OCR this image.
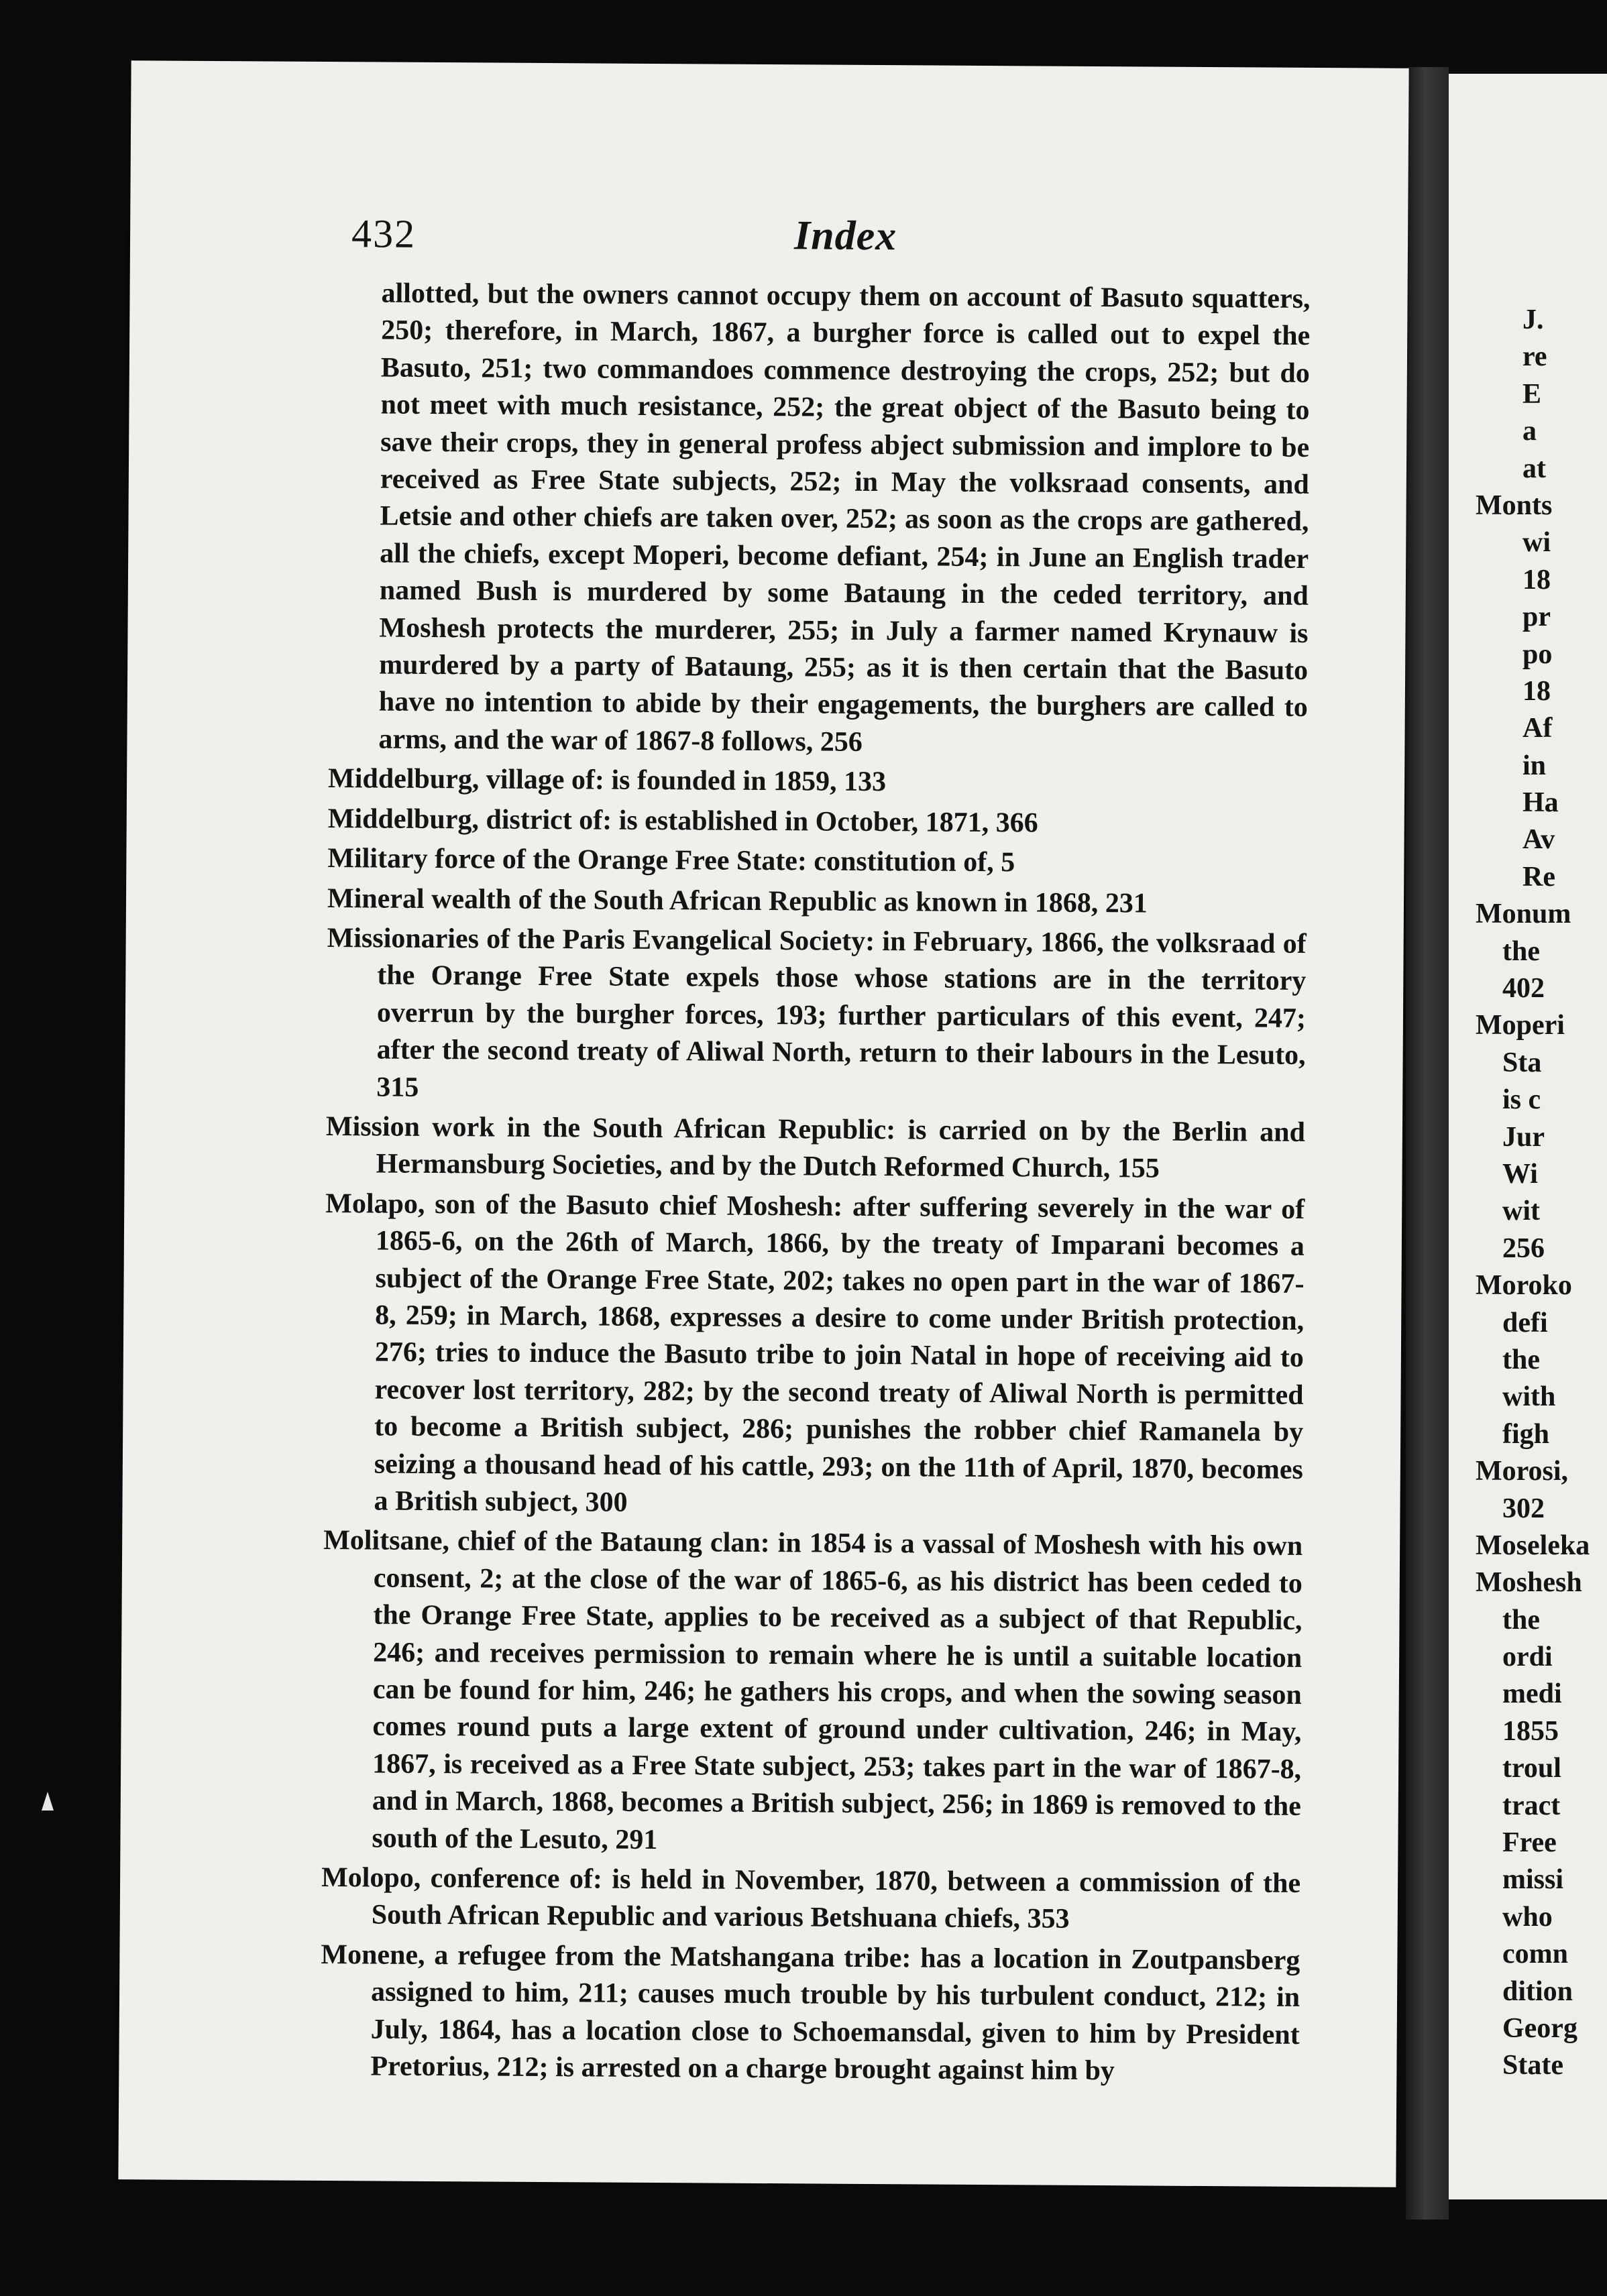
432	Index

allotted, but the owners cannot occupy them on account of Basuto squatters, 250; therefore, in March, 1867, a burgher force is called out to expel the Basuto, 251; two commandoes commence destroying the crops, 252; but do not meet with much resistance, 252; the great object of the Basuto being to save their crops, they in general profess abject submission and implore to be received as Free State subjects, 252; in May the volksraad consents, and Letsie and other chiefs are taken over, 252; as soon as the crops are gathered, all the chiefs, except Moperi, become defiant, 254; in June an English trader named Bush is murdered by some Bataung in the ceded territory, and Moshesh protects the murderer, 255; in July a farmer named Krynauw is murdered by a party of Bataung, 255; as it is then certain that the Basuto have no intention to abide by their engagements, the burghers are called to arms, and the war of 1867-8 follows, 256

Middelburg, village of: is founded in 1859, 133

Middelburg, district of: is established in October, 1871, 366

Military force of the Orange Free State: constitution of, 5

Mineral wealth of the South African Republic as known in 1868, 231

Missionaries of the Paris Evangelical Society: in February, 1866, the volksraad of the Orange Free State expels those whose stations are in the territory overrun by the burgher forces, 193; further particulars of this event, 247; after the second treaty of Aliwal North, return to their labours in the Lesuto, 315

Mission work in the South African Republic: is carried on by the Berlin and Hermansburg Societies, and by the Dutch Reformed Church, 155

Molapo, son of the Basuto chief Moshesh: after suffering severely in the war of 1865-6, on the 26th of March, 1866, by the treaty of Imparani becomes a subject of the Orange Free State, 202; takes no open part in the war of 1867-8, 259; in March, 1868, expresses a desire to come under British protection, 276; tries to induce the Basuto tribe to join Natal in hope of receiving aid to recover lost territory, 282; by the second treaty of Aliwal North is permitted to become a British subject, 286; punishes the robber chief Ramanela by seizing a thousand head of his cattle, 293; on the 11th of April, 1870, becomes a British subject, 300

Molitsane, chief of the Bataung clan: in 1854 is a vassal of Moshesh with his own consent, 2; at the close of the war of 1865-6, as his district has been ceded to the Orange Free State, applies to be received as a subject of that Republic, 246; and receives permission to remain where he is until a suitable location can be found for him, 246; he gathers his crops, and when the sowing season comes round puts a large extent of ground under cultivation, 246; in May, 1867, is received as a Free State subject, 253; takes part in the war of 1867-8, and in March, 1868, becomes a British subject, 256; in 1869 is removed to the south of the Lesuto, 291

Molopo, conference of: is held in November, 1870, between a commission of the South African Republic and various Betshuana chiefs, 353

Monene, a refugee from the Matshangana tribe: has a location in Zoutpansberg assigned to him, 211; causes much trouble by his turbulent conduct, 212; in July, 1864, has a location close to Schoemansdal, given to him by President Pretorius, 212; is arrested on a charge brought against him by

J.
re
E
a
at
Monts
wi
18
pr
po
18
Af
in
Ha
Av
Re
Monum
the
402
Moperi
Sta
is c
Jur
Wi
wit
256
Moroko
defi
the
with
figh
Morosi,
302
Moseleka
Moshesh
the
ordi
medi
1855
troul
tract
Free
missi
who
comn
dition
Georg
State
